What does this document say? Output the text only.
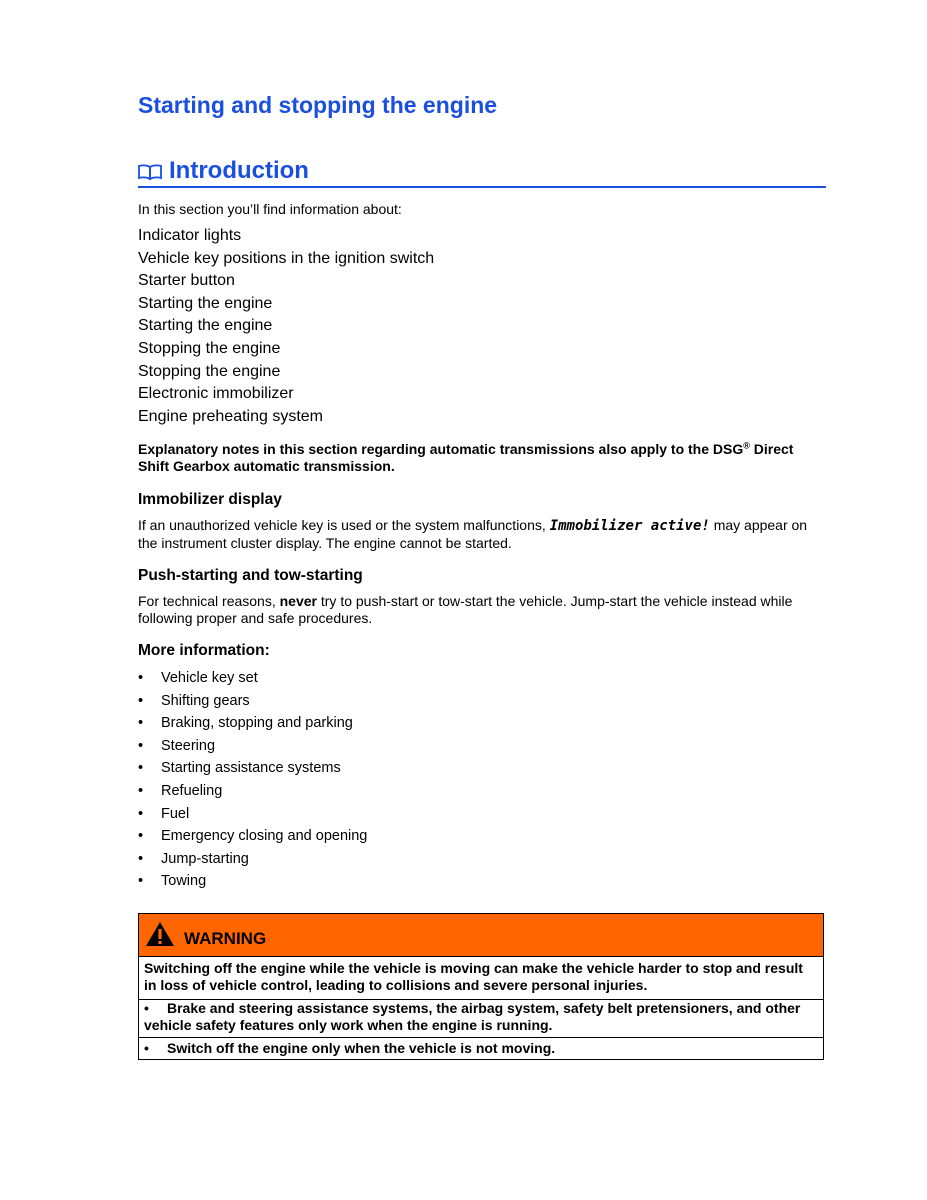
Starting and stopping the engine
Introduction
In this section you’ll find information about:
Indicator lights
Vehicle key positions in the ignition switch
Starter button
Starting the engine
Starting the engine
Stopping the engine
Stopping the engine
Electronic immobilizer
Engine preheating system
Explanatory notes in this section regarding automatic transmissions also apply to the DSG® Direct Shift Gearbox automatic transmission.
Immobilizer display
If an unauthorized vehicle key is used or the system malfunctions, Immobilizer active! may appear on the instrument cluster display. The engine cannot be started.
Push-starting and tow-starting
For technical reasons, never try to push-start or tow-start the vehicle. Jump-start the vehicle instead while following proper and safe procedures.
More information:
• Vehicle key set
• Shifting gears
• Braking, stopping and parking
• Steering
• Starting assistance systems
• Refueling
• Fuel
• Emergency closing and opening
• Jump-starting
• Towing
WARNING
Switching off the engine while the vehicle is moving can make the vehicle harder to stop and result in loss of vehicle control, leading to collisions and severe personal injuries.
• Brake and steering assistance systems, the airbag system, safety belt pretensioners, and other vehicle safety features only work when the engine is running.
• Switch off the engine only when the vehicle is not moving.
